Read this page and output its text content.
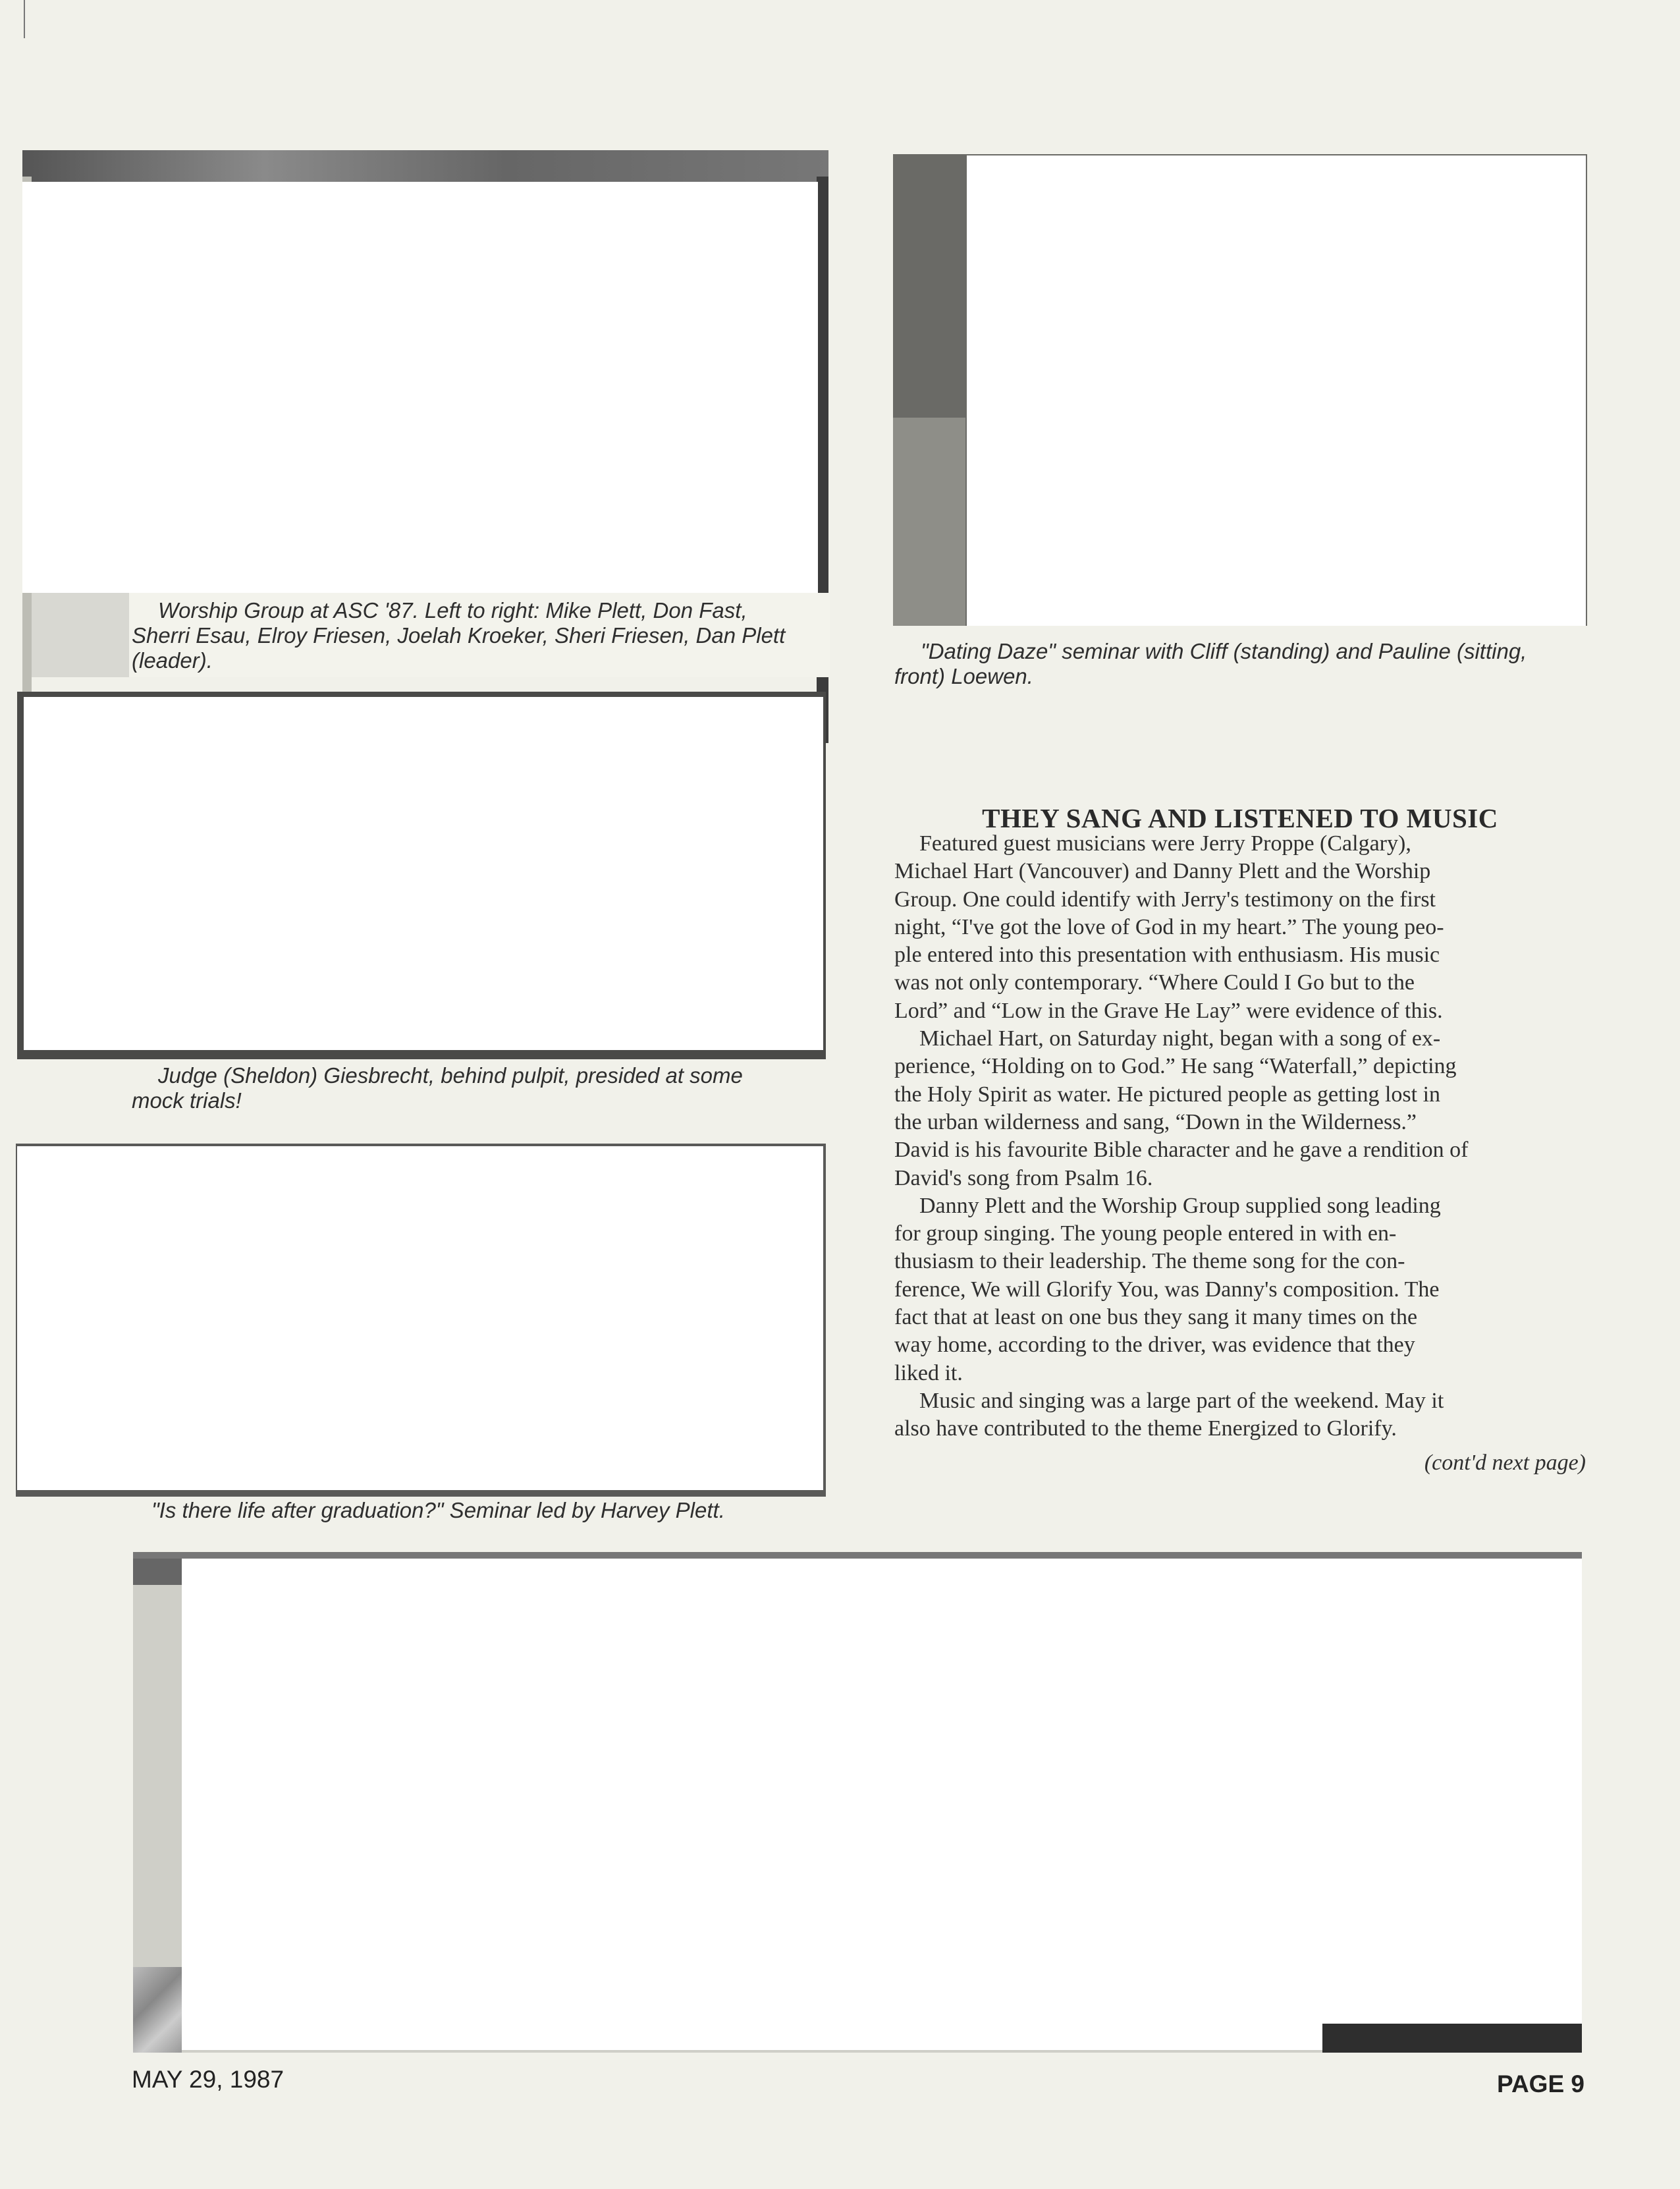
Worship Group at ASC '87. Left to right: Mike Plett, Don Fast,
Sherri Esau, Elroy Friesen, Joelah Kroeker, Sheri Friesen, Dan Plett
(leader).

Judge (Sheldon) Giesbrecht, behind pulpit, presided at some
mock trials!

"Is there life after graduation?" Seminar led by Harvey Plett.

"Dating Daze" seminar with Cliff (standing) and Pauline (sitting,
front) Loewen.

THEY SANG AND LISTENED TO MUSIC

Featured guest musicians were Jerry Proppe (Calgary),
Michael Hart (Vancouver) and Danny Plett and the Worship
Group. One could identify with Jerry's testimony on the first
night, “I've got the love of God in my heart.” The young peo-
ple entered into this presentation with enthusiasm. His music
was not only contemporary. “Where Could I Go but to the
Lord” and “Low in the Grave He Lay” were evidence of this.

Michael Hart, on Saturday night, began with a song of ex-
perience, “Holding on to God.” He sang “Waterfall,” depicting
the Holy Spirit as water. He pictured people as getting lost in
the urban wilderness and sang, “Down in the Wilderness.”
David is his favourite Bible character and he gave a rendition of
David's song from Psalm 16.

Danny Plett and the Worship Group supplied song leading
for group singing. The young people entered in with en-
thusiasm to their leadership. The theme song for the con-
ference, We will Glorify You, was Danny's composition. The
fact that at least on one bus they sang it many times on the
way home, according to the driver, was evidence that they
liked it.

Music and singing was a large part of the weekend. May it
also have contributed to the theme Energized to Glorify.

(cont'd next page)
MAY 29, 1987	PAGE 9
